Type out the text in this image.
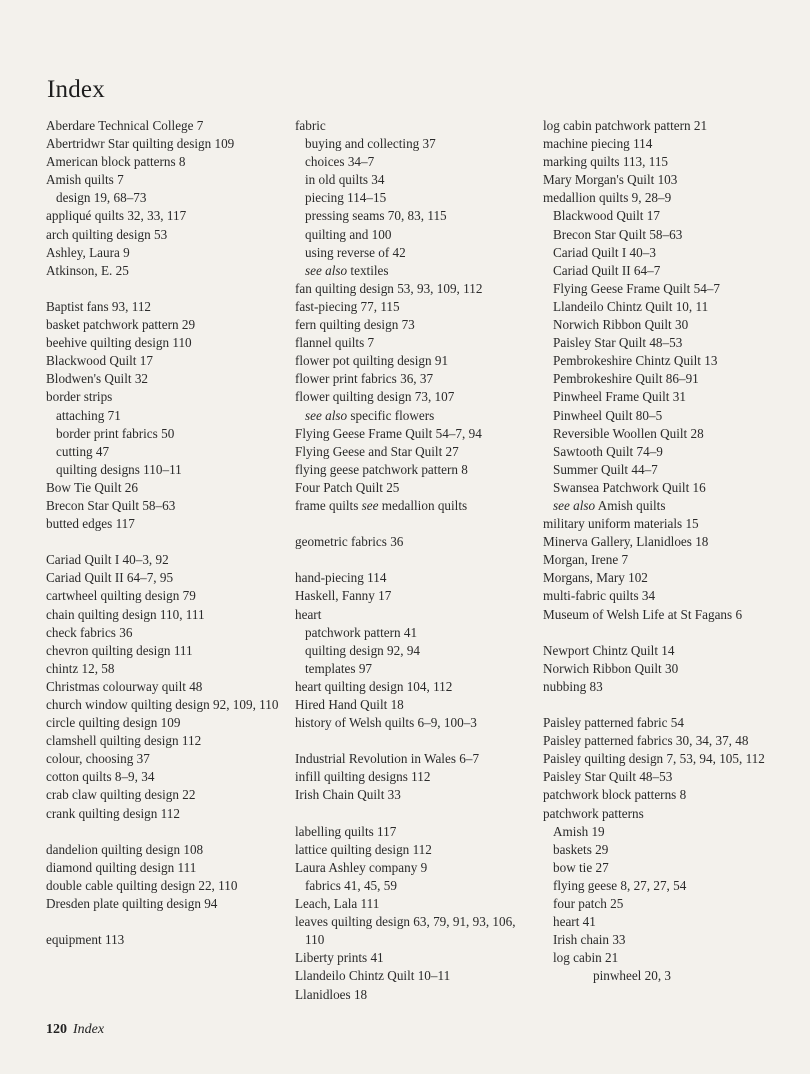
Index
Aberdare Technical College 7
Abertridwr Star quilting design 109
American block patterns 8
Amish quilts 7
design 19, 68–73
appliqué quilts 32, 33, 117
arch quilting design 53
Ashley, Laura 9
Atkinson, E. 25
Baptist fans 93, 112
basket patchwork pattern 29
beehive quilting design 110
Blackwood Quilt 17
Blodwen's Quilt 32
border strips
attaching 71
border print fabrics 50
cutting 47
quilting designs 110–11
Bow Tie Quilt 26
Brecon Star Quilt 58–63
butted edges 117
Cariad Quilt I 40–3, 92
Cariad Quilt II 64–7, 95
cartwheel quilting design 79
chain quilting design 110, 111
check fabrics 36
chevron quilting design 111
chintz 12, 58
Christmas colourway quilt 48
church window quilting design 92, 109, 110
circle quilting design 109
clamshell quilting design 112
colour, choosing 37
cotton quilts 8–9, 34
crab claw quilting design 22
crank quilting design 112
dandelion quilting design 108
diamond quilting design 111
double cable quilting design 22, 110
Dresden plate quilting design 94
equipment 113
fabric
buying and collecting 37
choices 34–7
in old quilts 34
piecing 114–15
pressing seams 70, 83, 115
quilting and 100
using reverse of 42
see also textiles
fan quilting design 53, 93, 109, 112
fast-piecing 77, 115
fern quilting design 73
flannel quilts 7
flower pot quilting design 91
flower print fabrics 36, 37
flower quilting design 73, 107
see also specific flowers
Flying Geese Frame Quilt 54–7, 94
Flying Geese and Star Quilt 27
flying geese patchwork pattern 8
Four Patch Quilt 25
frame quilts see medallion quilts
geometric fabrics 36
hand-piecing 114
Haskell, Fanny 17
heart
patchwork pattern 41
quilting design 92, 94
templates 97
heart quilting design 104, 112
Hired Hand Quilt 18
history of Welsh quilts 6–9, 100–3
Industrial Revolution in Wales 6–7
infill quilting designs 112
Irish Chain Quilt 33
labelling quilts 117
lattice quilting design 112
Laura Ashley company 9
fabrics 41, 45, 59
Leach, Lala 111
leaves quilting design 63, 79, 91, 93, 106, 110
Liberty prints 41
Llandeilo Chintz Quilt 10–11
Llanidloes 18
log cabin patchwork pattern 21
machine piecing 114
marking quilts 113, 115
Mary Morgan's Quilt 103
medallion quilts 9, 28–9
Blackwood Quilt 17
Brecon Star Quilt 58–63
Cariad Quilt I 40–3
Cariad Quilt II 64–7
Flying Geese Frame Quilt 54–7
Llandeilo Chintz Quilt 10, 11
Norwich Ribbon Quilt 30
Paisley Star Quilt 48–53
Pembrokeshire Chintz Quilt 13
Pembrokeshire Quilt 86–91
Pinwheel Frame Quilt 31
Pinwheel Quilt 80–5
Reversible Woollen Quilt 28
Sawtooth Quilt 74–9
Summer Quilt 44–7
Swansea Patchwork Quilt 16
see also Amish quilts
military uniform materials 15
Minerva Gallery, Llanidloes 18
Morgan, Irene 7
Morgans, Mary 102
multi-fabric quilts 34
Museum of Welsh Life at St Fagans 6
Newport Chintz Quilt 14
Norwich Ribbon Quilt 30
nubbing 83
Paisley patterned fabric 54
Paisley patterned fabrics 30, 34, 37, 48
Paisley quilting design 7, 53, 94, 105, 112
Paisley Star Quilt 48–53
patchwork block patterns 8
patchwork patterns
Amish 19
baskets 29
bow tie 27
flying geese 8, 27, 27, 54
four patch 25
heart 41
Irish chain 33
log cabin 21
pinwheel 20, 3
120 Index
